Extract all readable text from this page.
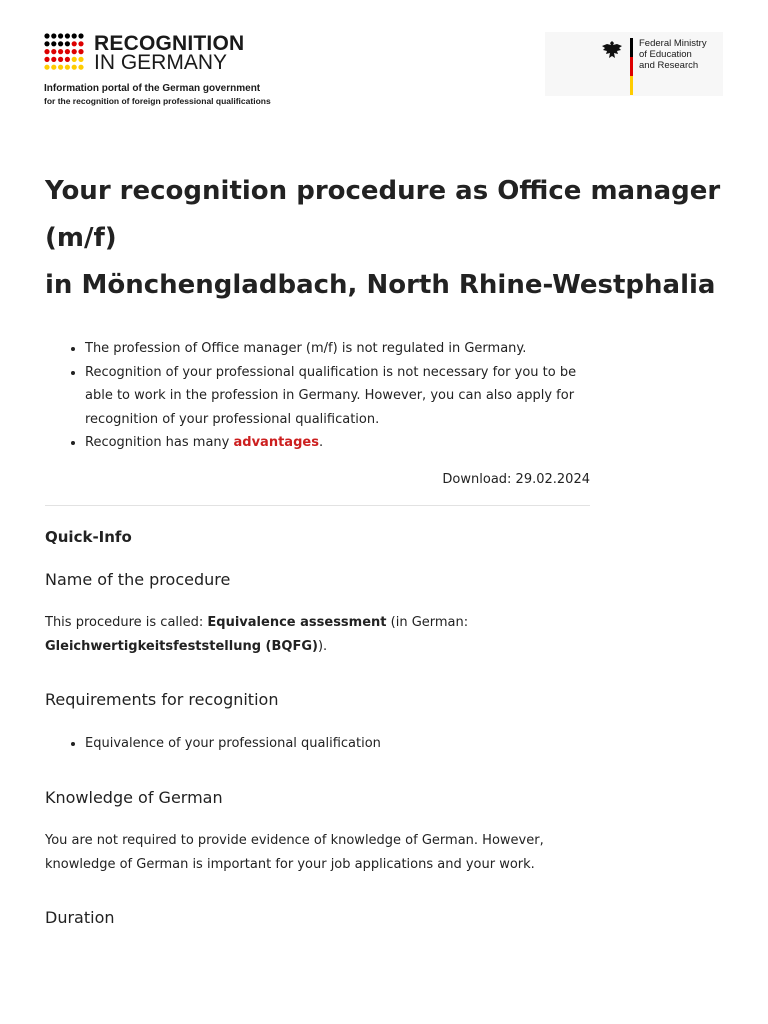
RECOGNITION
IN GERMANY
Information portal of the German government
for the recognition of foreign professional qualifications
Federal Ministry
of Education
and Research
Your recognition procedure as Office manager (m/f)
in Mönchengladbach, North Rhine-Westphalia
• The profession of Office manager (m/f) is not regulated in Germany.
• Recognition of your professional qualification is not necessary for you to be able to work in the profession in Germany. However, you can also apply for recognition of your professional qualification.
• Recognition has many advantages.
Download: 29.02.2024
Quick-Info
Name of the procedure
This procedure is called: Equivalence assessment (in German: Gleichwertigkeitsfeststellung (BQFG)).
Requirements for recognition
• Equivalence of your professional qualification
Knowledge of German
You are not required to provide evidence of knowledge of German. However, knowledge of German is important for your job applications and your work.
Duration
